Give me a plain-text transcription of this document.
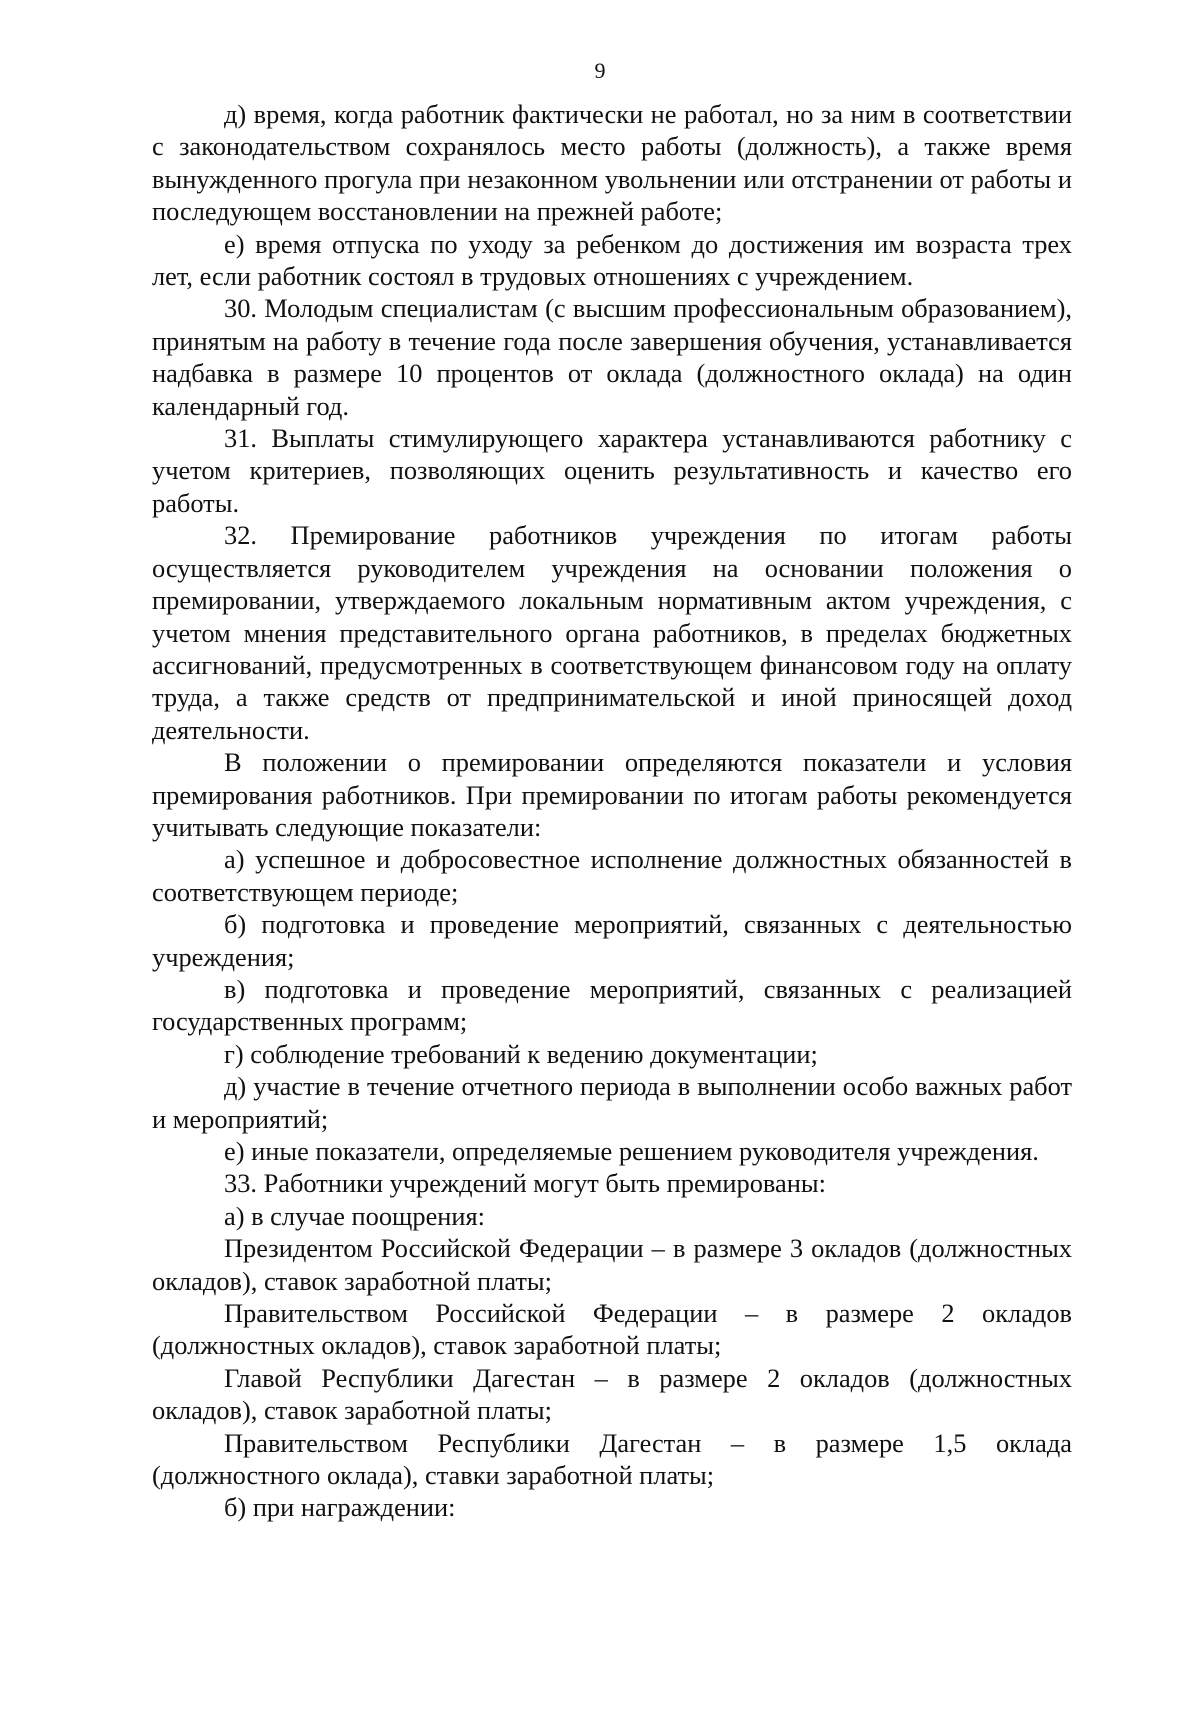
9

д) время, когда работник фактически не работал, но за ним в соответствии с законодательством сохранялось место работы (должность), а также время вынужденного прогула при незаконном увольнении или отстранении от работы и последующем восстановлении на прежней работе;

е) время отпуска по уходу за ребенком до достижения им возраста трех лет, если работник состоял в трудовых отношениях с учреждением.

30. Молодым специалистам (с высшим профессиональным образованием), принятым на работу в течение года после завершения обучения, устанавливается надбавка в размере 10 процентов от оклада (должностного оклада) на один календарный год.

31. Выплаты стимулирующего характера устанавливаются работнику с учетом критериев, позволяющих оценить результативность и качество его работы.

32. Премирование работников учреждения по итогам работы осуществляется руководителем учреждения на основании положения о премировании, утверждаемого локальным нормативным актом учреждения, с учетом мнения представительного органа работников, в пределах бюджетных ассигнований, предусмотренных в соответствующем финансовом году на оплату труда, а также средств от предпринимательской и иной приносящей доход деятельности.

В положении о премировании определяются показатели и условия премирования работников. При премировании по итогам работы рекомендуется учитывать следующие показатели:

а) успешное и добросовестное исполнение должностных обязанностей в соответствующем периоде;

б) подготовка и проведение мероприятий, связанных с деятельностью учреждения;

в) подготовка и проведение мероприятий, связанных с реализацией государственных программ;

г) соблюдение требований к ведению документации;

д) участие в течение отчетного периода в выполнении особо важных работ и мероприятий;

е) иные показатели, определяемые решением руководителя учреждения.

33. Работники учреждений могут быть премированы:

а) в случае поощрения:

Президентом Российской Федерации – в размере 3 окладов (должностных окладов), ставок заработной платы;

Правительством Российской Федерации – в размере 2 окладов (должностных окладов), ставок заработной платы;

Главой Республики Дагестан – в размере 2 окладов (должностных окладов), ставок заработной платы;

Правительством Республики Дагестан – в размере 1,5 оклада (должностного оклада), ставки заработной платы;

б) при награждении:
